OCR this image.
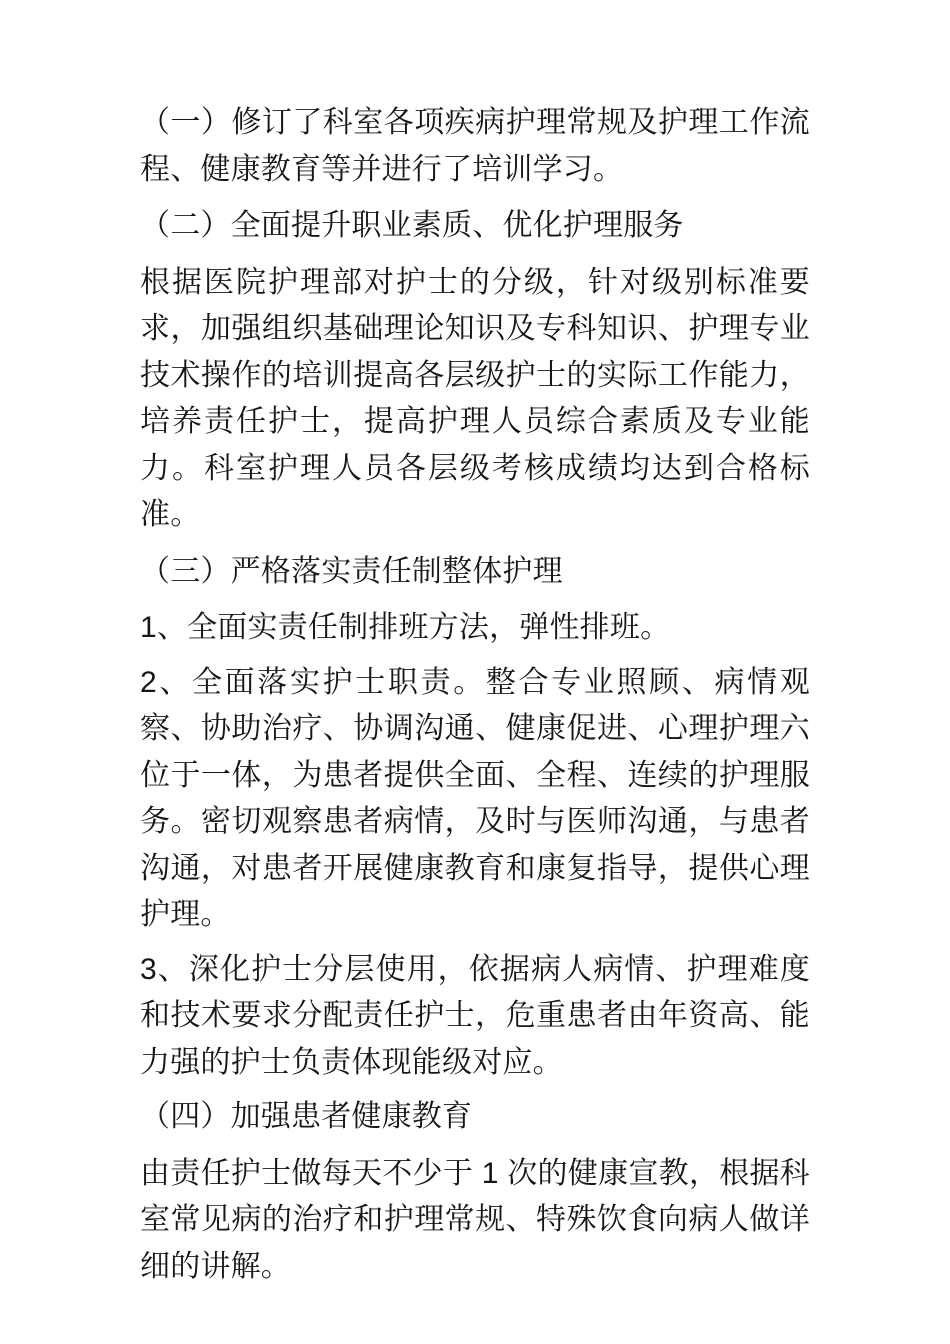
（一）修订了科室各项疾病护理常规及护理工作流程、健康教育等并进行了培训学习。

（二）全面提升职业素质、优化护理服务

根据医院护理部对护士的分级，针对级别标准要求，加强组织基础理论知识及专科知识、护理专业技术操作的培训提高各层级护士的实际工作能力，培养责任护士，提高护理人员综合素质及专业能力。科室护理人员各层级考核成绩均达到合格标准。

（三）严格落实责任制整体护理

1、全面实责任制排班方法，弹性排班。

2、全面落实护士职责。整合专业照顾、病情观察、协助治疗、协调沟通、健康促进、心理护理六位于一体，为患者提供全面、全程、连续的护理服务。密切观察患者病情，及时与医师沟通，与患者沟通，对患者开展健康教育和康复指导，提供心理护理。

3、深化护士分层使用，依据病人病情、护理难度和技术要求分配责任护士，危重患者由年资高、能力强的护士负责体现能级对应。

（四）加强患者健康教育

由责任护士做每天不少于 1 次的健康宣教，根据科室常见病的治疗和护理常规、特殊饮食向病人做详细的讲解。
